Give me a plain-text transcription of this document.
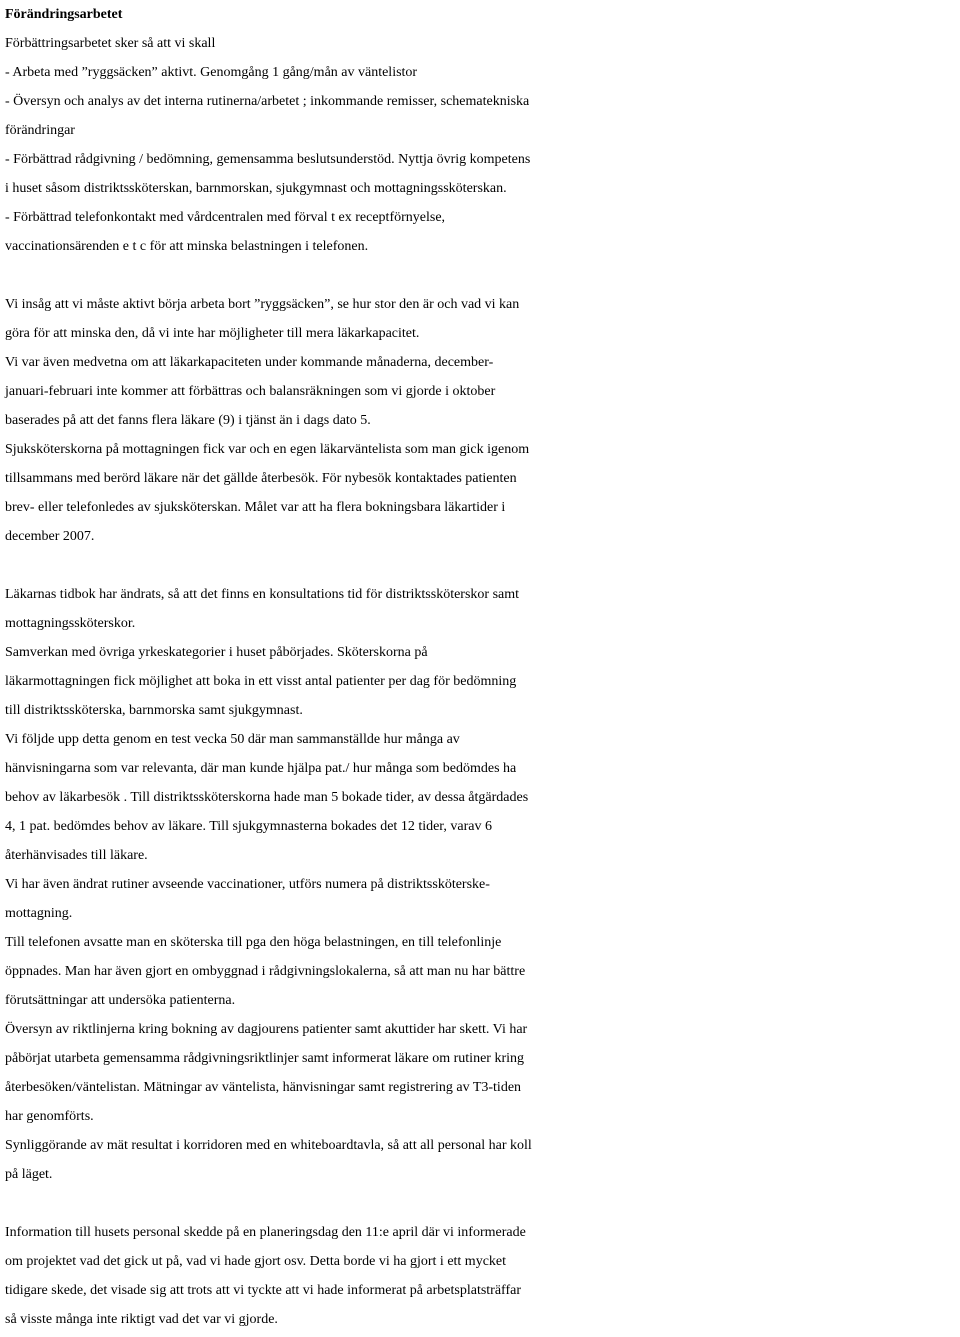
Förändringsarbetet
Förbättringsarbetet sker så att vi skall
- Arbeta med ”ryggsäcken” aktivt. Genomgång 1 gång/mån av väntelistor
- Översyn och analys av det interna rutinerna/arbetet ; inkommande remisser, schematekniska
förändringar
- Förbättrad rådgivning / bedömning, gemensamma beslutsunderstöd. Nyttja övrig kompetens
i huset såsom distriktssköterskan, barnmorskan, sjukgymnast och mottagningssköterskan.
- Förbättrad telefonkontakt med vårdcentralen med förval t ex receptförnyelse,
vaccinationsärenden e t c för att minska belastningen i telefonen.
Vi insåg att vi måste aktivt börja arbeta bort ”ryggsäcken”, se hur stor den är och vad vi kan
göra för att minska den, då vi inte har möjligheter till mera läkarkapacitet.
Vi var även medvetna om att läkarkapaciteten under kommande månaderna, december-
januari-februari inte kommer att förbättras och balansräkningen som vi gjorde i oktober
baserades på att det fanns flera läkare (9) i tjänst än i dags dato 5.
Sjuksköterskorna på mottagningen fick var och en egen läkarväntelista som man gick igenom
tillsammans med berörd läkare när det gällde återbesök. För nybesök kontaktades patienten
brev- eller telefonledes av sjuksköterskan. Målet var att ha flera bokningsbara läkartider i
december 2007.
Läkarnas tidbok har ändrats, så att det finns en konsultations tid för distriktssköterskor samt
mottagningssköterskor.
Samverkan med övriga yrkeskategorier i huset påbörjades. Sköterskorna på
läkarmottagningen fick möjlighet att boka in ett visst antal patienter per dag för bedömning
till distriktssköterska, barnmorska samt sjukgymnast.
Vi följde upp detta genom en test vecka 50 där man sammanställde hur många av
hänvisningarna som var relevanta, där man kunde hjälpa pat./ hur många som bedömdes ha
behov av läkarbesök . Till distriktssköterskorna hade man 5 bokade tider, av dessa åtgärdades
4, 1 pat. bedömdes behov av läkare. Till sjukgymnasterna bokades det 12 tider, varav 6
återhänvisades till läkare.
Vi har även ändrat rutiner avseende vaccinationer, utförs numera på distriktssköterske-
mottagning.
Till telefonen avsatte man en sköterska till pga den höga belastningen, en till telefonlinje
öppnades. Man har även gjort en ombyggnad i rådgivningslokalerna, så att man nu har bättre
förutsättningar att undersöka patienterna.
Översyn av riktlinjerna kring bokning av dagjourens patienter samt akuttider har skett. Vi har
påbörjat utarbeta gemensamma rådgivningsriktlinjer samt informerat läkare om rutiner kring
återbesöken/väntelistan. Mätningar av väntelista, hänvisningar samt registrering av T3-tiden
har genomförts.
Synliggörande av mät resultat i korridoren med en whiteboardtavla, så att all personal har koll
på läget.
Information till husets personal skedde på en planeringsdag den 11:e april där vi informerade
om projektet vad det gick ut på, vad vi hade gjort osv. Detta borde vi ha gjort i ett mycket
tidigare skede, det visade sig att trots att vi tyckte att vi hade informerat på arbetsplatsträffar
så visste många inte riktigt vad det var vi gjorde.
